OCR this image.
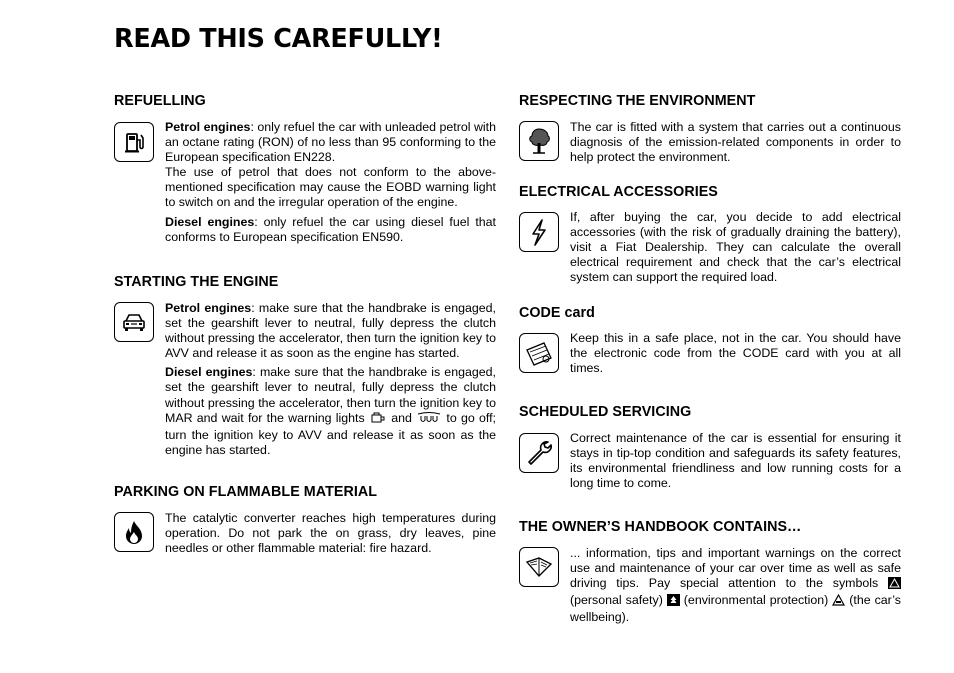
READ THIS CAREFULLY!
REFUELLING

Petrol engines: only refuel the car with unleaded petrol with an octane rating (RON) of no less than 95 conforming to the European specification EN228.

The use of petrol that does not conform to the above-mentioned specification may cause the EOBD warning light to switch on and the irregular operation of the engine.

Diesel engines: only refuel the car using diesel fuel that conforms to European specification EN590.

STARTING THE ENGINE

Petrol engines: make sure that the handbrake is engaged, set the gearshift lever to neutral, fully depress the clutch without pressing the accelerator, then turn the ignition key to AVV and release it as soon as the engine has started.

Diesel engines: make sure that the handbrake is engaged, set the gearshift lever to neutral, fully depress the clutch without pressing the accelerator, then turn the ignition key to MAR and wait for the warning lights and	to go off; turn the ignition key to AVV and release it as soon as the engine has started.

PARKING ON FLAMMABLE MATERIAL
The catalytic converter reaches high temperatures during operation. Do not park the on grass, dry leaves, pine needles or other flammable material: fire hazard.
RESPECTING THE ENVIRONMENT
The car is fitted with a system that carries out a continuous diagnosis of the emission-related components in order to help protect the environment.
ELECTRICAL ACCESSORIES
If, after buying the car, you decide to add electrical accessories (with the risk of gradually draining the battery), visit a Fiat Dealership. They can calculate the overall electrical requirement and check that the car’s electrical system can support the required load.
CODE card
Keep this in a safe place, not in the car. You should have the electronic code from the CODE card with you at all times.
SCHEDULED SERVICING
Correct maintenance of the car is essential for ensuring it stays in tip-top condition and safeguards its safety features, its environmental friendliness and low running costs for a long time to come.
THE OWNER’S HANDBOOK CONTAINS…
... information, tips and important warnings on the correct use and maintenance of your car over time as well as safe driving tips. Pay special attention to the symbols  (personal safety) (environmental protection) (the car’s wellbeing).
